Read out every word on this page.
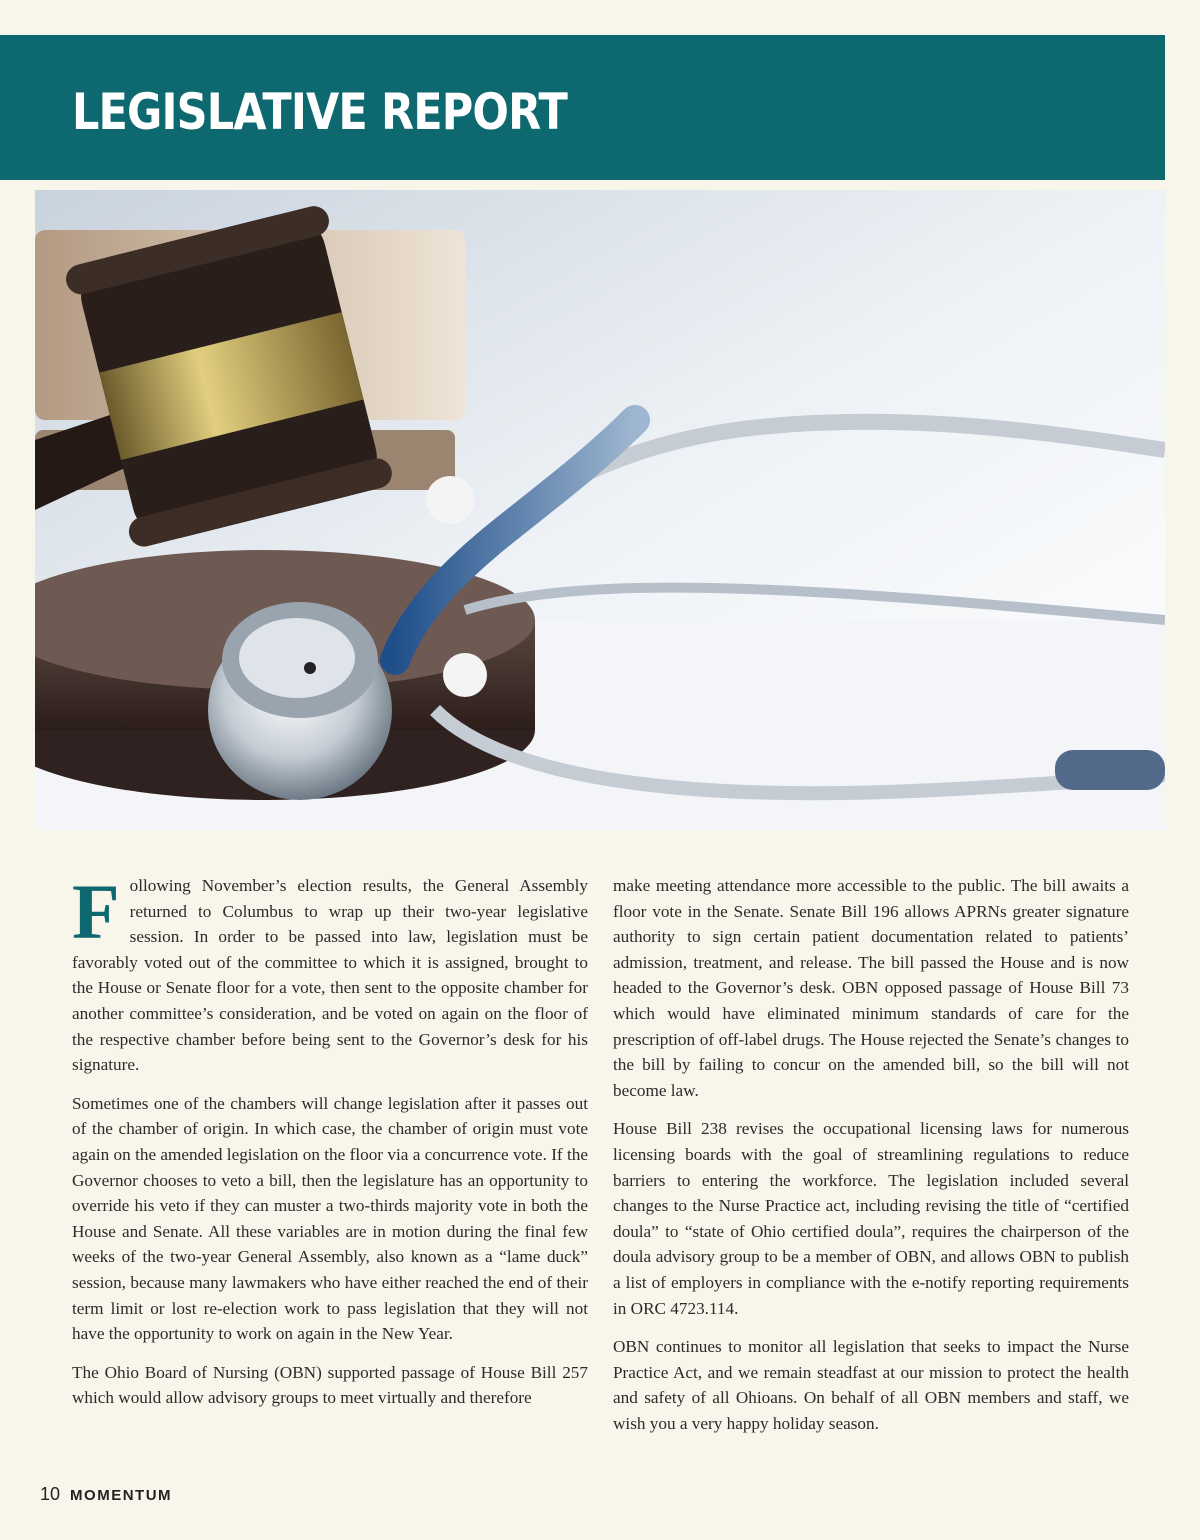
LEGISLATIVE REPORT

Following November’s election results, the General Assembly returned to Columbus to wrap up their two-year legislative session. In order to be passed into law, legislation must be favorably voted out of the committee to which it is assigned, brought to the House or Senate floor for a vote, then sent to the opposite chamber for another committee’s consideration, and be voted on again on the floor of the respective chamber before being sent to the Governor’s desk for his signature.

Sometimes one of the chambers will change legislation after it passes out of the chamber of origin. In which case, the chamber of origin must vote again on the amended legislation on the floor via a concurrence vote. If the Governor chooses to veto a bill, then the legislature has an opportunity to override his veto if they can muster a two-thirds majority vote in both the House and Senate. All these variables are in motion during the final few weeks of the two-year General Assembly, also known as a “lame duck” session, because many lawmakers who have either reached the end of their term limit or lost re-election work to pass legislation that they will not have the opportunity to work on again in the New Year.

The Ohio Board of Nursing (OBN) supported passage of House Bill 257 which would allow advisory groups to meet virtually and therefore

make meeting attendance more accessible to the public. The bill awaits a floor vote in the Senate. Senate Bill 196 allows APRNs greater signature authority to sign certain patient documentation related to patients’ admission, treatment, and release. The bill passed the House and is now headed to the Governor’s desk. OBN opposed passage of House Bill 73 which would have eliminated minimum standards of care for the prescription of off-label drugs. The House rejected the Senate’s changes to the bill by failing to concur on the amended bill, so the bill will not become law.

House Bill 238 revises the occupational licensing laws for numerous licensing boards with the goal of streamlining regulations to reduce barriers to entering the workforce. The legislation included several changes to the Nurse Practice act, including revising the title of “certified doula” to “state of Ohio certified doula”, requires the chairperson of the doula advisory group to be a member of OBN, and allows OBN to publish a list of employers in compliance with the e-notify reporting requirements in ORC 4723.114.

OBN continues to monitor all legislation that seeks to impact the Nurse Practice Act, and we remain steadfast at our mission to protect the health and safety of all Ohioans. On behalf of all OBN members and staff, we wish you a very happy holiday season.

10 MOMENTUM
